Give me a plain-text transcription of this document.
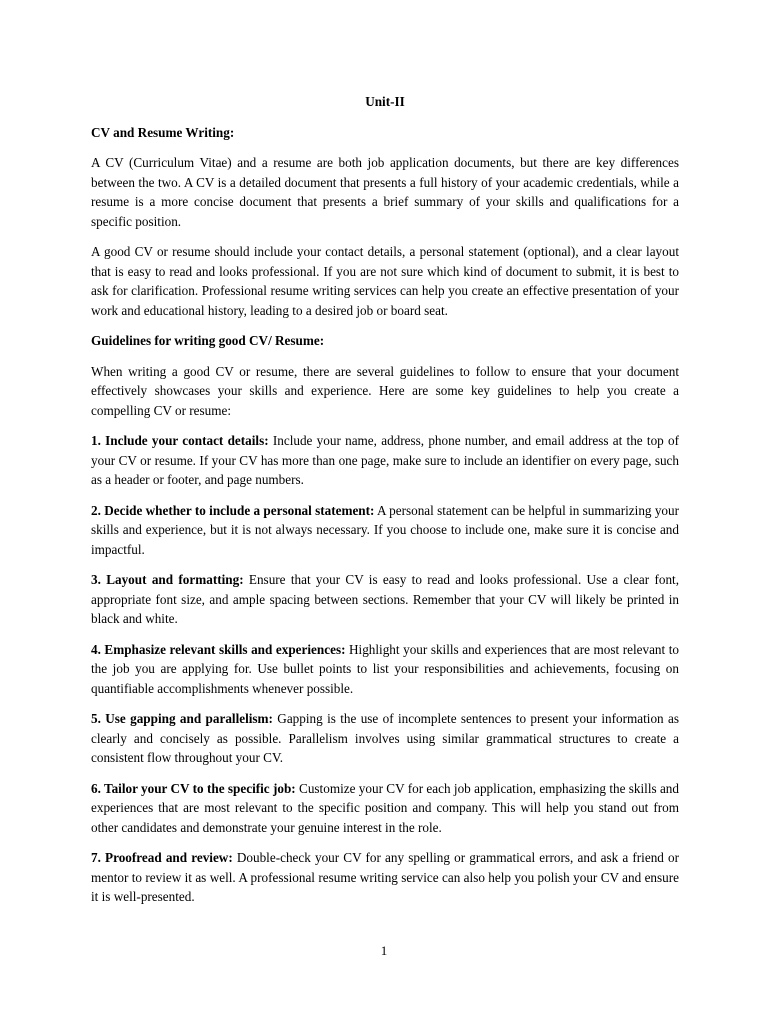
Unit-II

CV and Resume Writing:

A CV (Curriculum Vitae) and a resume are both job application documents, but there are key differences between the two. A CV is a detailed document that presents a full history of your academic credentials, while a resume is a more concise document that presents a brief summary of your skills and qualifications for a specific position.

A good CV or resume should include your contact details, a personal statement (optional), and a clear layout that is easy to read and looks professional. If you are not sure which kind of document to submit, it is best to ask for clarification. Professional resume writing services can help you create an effective presentation of your work and educational history, leading to a desired job or board seat.

Guidelines for writing good CV/ Resume:

When writing a good CV or resume, there are several guidelines to follow to ensure that your document effectively showcases your skills and experience. Here are some key guidelines to help you create a compelling CV or resume:

1. Include your contact details: Include your name, address, phone number, and email address at the top of your CV or resume. If your CV has more than one page, make sure to include an identifier on every page, such as a header or footer, and page numbers.

2. Decide whether to include a personal statement: A personal statement can be helpful in summarizing your skills and experience, but it is not always necessary. If you choose to include one, make sure it is concise and impactful.

3. Layout and formatting: Ensure that your CV is easy to read and looks professional. Use a clear font, appropriate font size, and ample spacing between sections. Remember that your CV will likely be printed in black and white.

4. Emphasize relevant skills and experiences: Highlight your skills and experiences that are most relevant to the job you are applying for. Use bullet points to list your responsibilities and achievements, focusing on quantifiable accomplishments whenever possible.

5. Use gapping and parallelism: Gapping is the use of incomplete sentences to present your information as clearly and concisely as possible. Parallelism involves using similar grammatical structures to create a consistent flow throughout your CV.

6. Tailor your CV to the specific job: Customize your CV for each job application, emphasizing the skills and experiences that are most relevant to the specific position and company. This will help you stand out from other candidates and demonstrate your genuine interest in the role.

7. Proofread and review: Double-check your CV for any spelling or grammatical errors, and ask a friend or mentor to review it as well. A professional resume writing service can also help you polish your CV and ensure it is well-presented.

1
